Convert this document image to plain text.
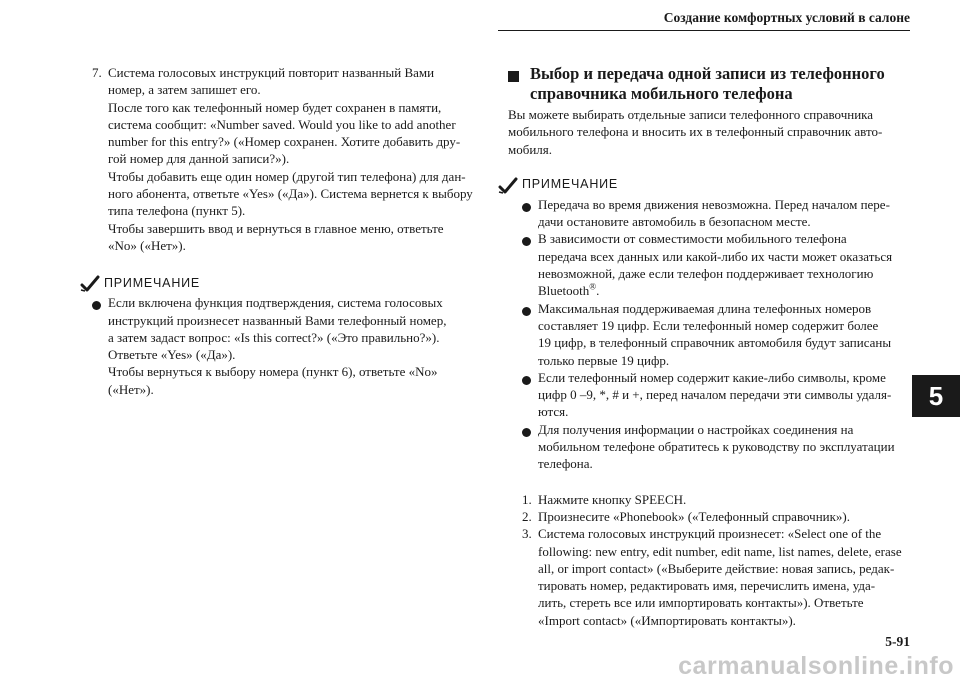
Создание комфортных условий в салоне
7. Система голосовых инструкций повторит названный Вами

номер, а затем запишет его.

После того как телефонный номер будет сохранен в памяти,

система сообщит: «Number saved. Would you like to add another

number for this entry?» («Номер сохранен. Хотите добавить дру-

гой номер для данной записи?»).

Чтобы добавить еще один номер (другой тип телефона) для дан-

ного абонента, ответьте «Yes» («Да»). Система вернется к выбору

типа телефона (пункт 5).

Чтобы завершить ввод и вернуться в главное меню, ответьте

«No» («Нет»).

ПРИМЕЧАНИЕ

Если включена функция подтверждения, система голосовых

инструкций произнесет названный Вами телефонный номер,

а затем задаст вопрос: «Is this correct?» («Это правильно?»).

Ответьте «Yes» («Да»).

Чтобы вернуться к выбору номера (пункт 6), ответьте «No»

(«Нет»).

Выбор и передача одной записи из телефонного
справочника мобильного телефона

Вы можете выбирать отдельные записи телефонного справочника

мобильного телефона и вносить их в телефонный справочник авто-

мобиля.

ПРИМЕЧАНИЕ

Передача во время движения невозможна. Перед началом пере-

дачи остановите автомобиль в безопасном месте.

В зависимости от совместимости мобильного телефона

передача всех данных или какой-либо их части может оказаться

невозможной, даже если телефон поддерживает технологию

Bluetooth®.

Максимальная поддерживаемая длина телефонных номеров

составляет 19 цифр. Если телефонный номер содержит более

19 цифр, в телефонный справочник автомобиля будут записаны

только первые 19 цифр.

Если телефонный номер содержит какие-либо символы, кроме

цифр 0 –9, *, # и +, перед началом передачи эти символы удаля-

ются.

Для получения информации о настройках соединения на

мобильном телефоне обратитесь к руководству по эксплуатации

телефона.

1. Нажмите кнопку SPEECH.

2. Произнесите «Phonebook» («Телефонный справочник»).

3. Система голосовых инструкций произнесет: «Select one of the

following: new entry, edit number, edit name, list names, delete, erase

all, or import contact» («Выберите действие: новая запись, редак-

тировать номер, редактировать имя, перечислить имена, уда-

лить, стереть все или импортировать контакты»). Ответьте

«Import contact» («Импортировать контакты»).

5
5-91
carmanualsonline.info
